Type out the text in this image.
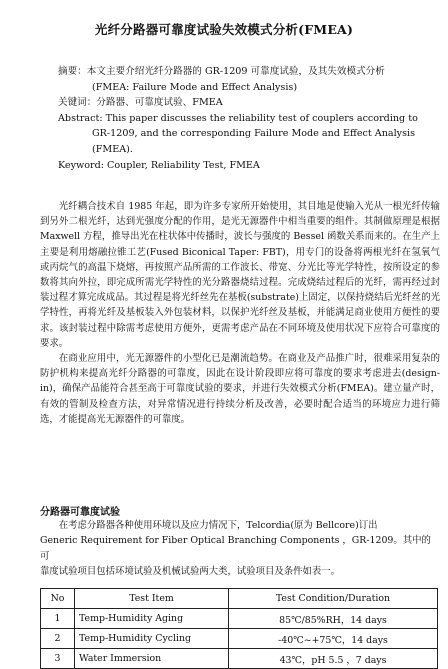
光纤分路器可靠度试验失效模式分析(FMEA)

摘要：本文主要介绍光纤分路器的 GR-1209 可靠度试验，及其失效模式分析

(FMEA: Failure Mode and Effect Analysis)

关键词：分路器、可靠度试验、FMEA

Abstract: This paper discusses the reliability test of couplers according to

GR-1209, and the corresponding Failure Mode and Effect Analysis

(FMEA).

Keyword: Coupler, Reliability Test, FMEA

光纤耦合技术自 1985 年起，即为许多专家所开始使用，其目地是使输入光从一根光纤传输到另外二根光纤，达到光强度分配的作用，是光无源器件中相当重要的组件。其制做原理是根据 Maxwell 方程，推导出光在柱状体中传播时，波长与强度的 Bessel 函数关系而来的。在生产上主要是利用熔融拉锥工艺(Fused Biconical Taper: FBT)，用专门的设备将两根光纤在氢氧气或丙烷气的高温下烧熔，再按照产品所需的工作波长、带宽、分光比等光学特性，按所设定的参数将其向外拉，即完成所需光学特性的光分路器烧结过程。完成烧结过程后的光纤，需再经过封装过程才算完成成品。其过程是将光纤丝先在基板(substrate)上固定，以保持烧结后光纤丝的光学特性，再将光纤及基板装入外包装材料，以保护光纤丝及基板，并能满足商业使用方便性的要求。该封装过程中除需考虑使用方便外，更需考虑产品在不同环境及使用状况下应符合可靠度的要求。

在商业应用中，光无源器件的小型化已是潮流趋势。在商业及产品推广时，很难采用复杂的防护机构来提高光纤分路器的可靠度，因此在设计阶段即应将可靠度的要求考虑进去(design-in)，确保产品能符合甚至高于可靠度试验的要求，并进行失效模式分析(FMEA)。建立量产时，有效的管制及检查方法，对异常情况进行持续分析及改善，必要时配合适当的环境应力进行筛选，才能提高光无源器件的可靠度。

分路器可靠度试验

在考虑分路器各种使用环境以及应力情况下，Telcordia(原为 Bellcore)订出

Generic Requirement for Fiber Optical Branching Components ，GR-1209。其中的可

靠度试验项目包括环境试验及机械试验两大类，试验项目及条件如表一。

No	Test Item	Test Condition/Duration
1	Temp-Humidity Aging	85℃/85%RH，14 days
2	Temp-Humidity Cycling	-40℃~+75℃，14 days
3	Water Immersion	43℃，pH 5.5 ，7 days
